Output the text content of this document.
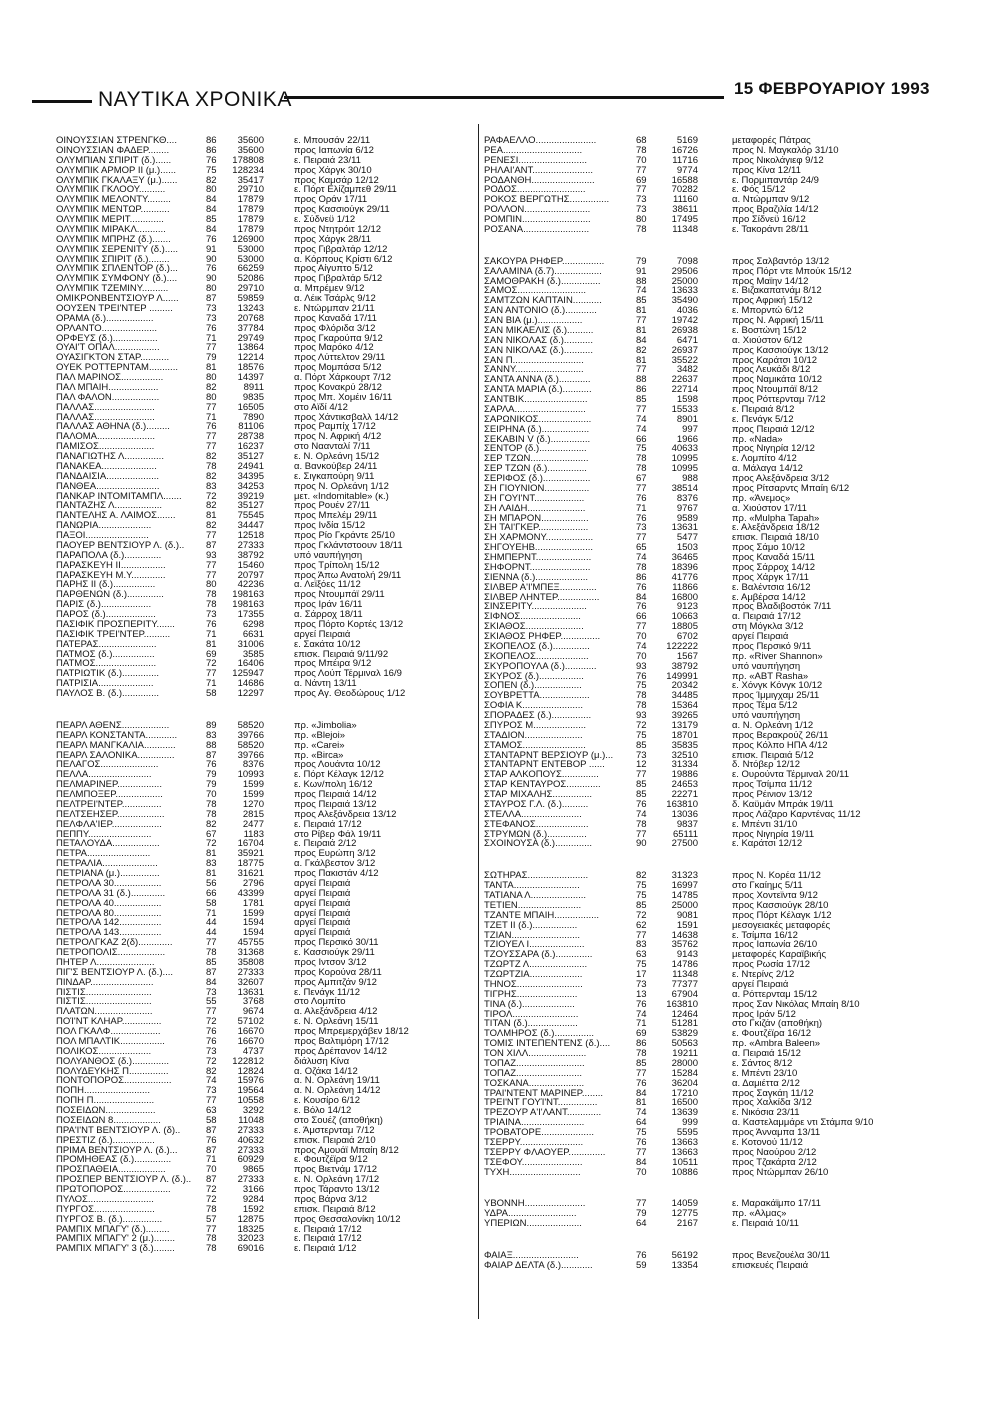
ΝΑΥΤΙΚΑ ΧΡΟΝΙΚΑ	15 ΦΕΒΡΟΥΑΡΙΟΥ 1993
ΟΙΝΟΥΣΣΙΑΝ ΣΤΡΕΝΓΚΘ....	86	35600	ε. Μπουσάν 22/11
ΟΙΝΟΥΣΣΙΑΝ ΦΑΔΕΡ........	86	35600	προς Ιαπωνία 6/12
ΟΛΥΜΠΙΑΝ ΣΠΙΡΙΤ (δ.)......	76	178808	ε. Πειραιά 23/11
ΟΛΥΜΠΙΚ ΑΡΜΟΡ ΙΙ (μ.)......	75	128234	προς Χάργκ 30/10
ΟΛΥΜΠΙΚ ΓΚΑΛΑΞΥ (μ.)......	82	35417	προς Καμσάρ 12/12
ΟΛΥΜΠΙΚ ΓΚΛΟΟΥ..........	80	29710	ε. Πόρτ Ελίζαμπεθ 29/11
ΟΛΥΜΠΙΚ ΜΕΛΟΝΤΥ.........	84	17879	προς Οράν 17/11
ΟΛΥΜΠΙΚ ΜΕΝΤΩΡ...........	84	17879	προς Κασσιούγκ 29/11
ΟΛΥΜΠΙΚ ΜΕΡΙΤ.............	85	17879	ε. Σύδνεϋ 1/12
ΟΛΥΜΠΙΚ ΜΙΡΑΚΛ...........	84	17879	προς Ντητρόιτ 12/12
ΟΛΥΜΠΙΚ ΜΠΡΗΖ (δ.).......	76	126900	προς Χάργκ 28/11
ΟΛΥΜΠΙΚ ΣΕΡΕΝΙΤΥ (δ.).....	91	53000	προς Γιβραλτάρ 12/12
ΟΛΥΜΠΙΚ ΣΠΙΡΙΤ (δ.)........	90	53000	α. Κόρπους Κρίστι 6/12
ΟΛΥΜΠΙΚ ΣΠΛΕΝΤΟΡ (δ.)...	76	66259	προς Αίγυπτο 5/12
ΟΛΥΜΠΙΚ ΣΥΜΦΟΝΥ (δ.)....	90	52086	προς Γιβραλτάρ 5/12
ΟΛΥΜΠΙΚ ΤΖΕΜΙΝΥ..........	80	29710	α. Μπρέμεν 9/12
ΟΜΙΚΡΟΝΒΕΝΤΣΙΟΥΡ Λ......	87	59859	α. Λέικ Τσάρλς 9/12
ΟΟΥΣΕΝ ΤΡΕΙ'ΝΤΕΡ .........	73	13243	ε. Ντώρμπαν 21/11
ΟΡΑΜΑ (δ.)..................	73	20768	προς Καναδά 17/11
ΟΡΛΑΝΤΟ.....................	76	37784	προς Φλόριδα 3/12
ΟΡΦΕΥΣ (δ.).................	71	29749	προς Γκαρούπα 9/12
ΟΥΑΪ'Τ ΟΠΑΛ.................	77	13864	προς Μαρόκο 4/12
ΟΥΑΣΙΓΚΤΟΝ ΣΤΑΡ...........	79	12214	προς Λύττελτον 29/11
ΟΥΕΚ ΡΟΤΤΕΡΝΤΑΜ...........	81	18576	προς Μομπάσα 5/12
ΠΑΛ ΜΑΡΙΝΟΣ................	80	14397	α. Πόρτ Χάρκουρτ 7/12
ΠΑΛ ΜΠΑΙΗ...................	82	8911	προς Κονακρύ 28/12
ΠΑΛ ΦΑΛΟΝ..................	80	9835	προς Μπ. Χομέιν 16/11
ΠΑΛΛΑΣ.......................	77	16505	στο Αϊδί 4/12
ΠΑΛΛΑΣ.......................	71	7890	προς Χάντικσβαλλ 14/12
ΠΑΛΛΑΣ ΑΘΗΝΑ (δ.).........	76	81106	προς Ραμπίχ 17/12
ΠΑΛΟΜΑ......................	77	28738	προς Ν. Αφρική 4/12
ΠΑΜΙΣΟΣ.....................	77	16237	στο Ναανταλί 7/11
ΠΑΝΑΓΙΩΤΗΣ Λ...............	82	35127	ε. Ν. Ορλεάνη 15/12
ΠΑΝΑΚΕΑ.....................	78	24941	α. Βανκούβερ 24/11
ΠΑΝΔΑΙΣΙΑ....................	82	34395	ε. Σιγκαπούρη 9/11
ΠΑΝΘΕΑ........................	83	34253	προς Ν. Ορλεάνη 1/12
ΠΑΝΚΑΡ ΙΝΤΟΜΙΤΑΜΠΛ.......	72	39219	μετ. «Indomitable» (κ.)
ΠΑΝΤΑΖΗΣ Λ..................	82	35127	προς Ρουέν 27/11
ΠΑΝΤΕΛΗΣ Α. ΛΑΙΜΟΣ.......	81	75545	προς Μπελέμ 29/11
ΠΑΝΩΡΙΑ....................	82	34447	προς Ινδία 15/12
ΠΑΞΟΙ........................	77	12518	προς Ρίο Γκράντε 25/10
ΠΑΟΥΕΡ ΒΕΝΤΣΙΟΥΡ Λ. (δ.)..	87	27333	προς Γκλάντστοουν 18/11
ΠΑΡΑΠΟΛΑ (δ.)..............	93	38792	υπό ναυπήγηση
ΠΑΡΑΣΚΕΥΗ ΙΙ.................	77	15460	προς Τρίπολη 15/12
ΠΑΡΑΣΚΕΥΗ Μ.Υ.............	77	20797	προς Άπω Ανατολή 29/11
ΠΑΡΗΣ ΙΙ (δ.)................	80	42236	α. Λεϊξόες 11/12
ΠΑΡΘΕΝΩΝ (δ.)..............	78	198163	προς Ντουμπάϊ 29/11
ΠΑΡΙΣ (δ.)...................	78	198163	προς Ιράν 16/11
ΠΑΡΟΣ (δ.)...................	73	17355	α. Σάρροχ 18/11
ΠΑΣΙΦΙΚ ΠΡΟΣΠΕΡΙΤΥ.......	76	6298	προς Πόρτο Κορτές 13/12
ΠΑΣΙΦΙΚ ΤΡΕΙ'ΝΤΕΡ..........	71	6631	αργεί Πειραιά
ΠΑΤΕΡΑΣ......................	81	31006	ε. Σακάτα 10/12
ΠΑΤΜΟΣ (δ.)................	69	3585	επισκ. Πειραιά 9/11/92
ΠΑΤΜΟΣ.......................	72	16406	προς Μπέιρα 9/12
ΠΑΤΡΙΩΤΙΚ (δ.)..............	77	125947	προς Λούπ Τέρμιναλ 16/9
ΠΑΤΡΙΣΙΑ.....................	71	14686	α. Νάντη 13/11
ΠΑΥΛΟΣ Β. (δ.)..............	58	12297	προς Αγ. Θεοδώρους 1/12
ΠΕΑΡΛ ΑΘΕΝΣ..................	89	58520	πρ. «Jimbolia»
ΠΕΑΡΛ ΚΟΝΣΤΑΝΤΑ............	83	39766	πρ. «Blejoi»
ΠΕΑΡΛ ΜΑΝΓΚΑΛΙΑ............	88	58520	πρ. «Carei»
ΠΕΑΡΛ ΣΑΛΟΝΙΚΑ..............	87	39766	πρ. «Birca»
ΠΕΛΑΓΟΣ......................	76	8376	προς Λουάντα 10/12
ΠΕΛΛΑ........................	79	10993	ε. Πόρτ Κέλαγκ 12/12
ΠΕΛΜΑΡΙΝΕΡ.................	79	1599	ε. Κων/πολη 16/12
ΠΕΛΜΠΟΞΕΡ..................	70	1599	προς Πειραιά 14/12
ΠΕΛΤΡΕΪ'ΝΤΕΡ...............	78	1270	προς Πειραιά 13/12
ΠΕΛΤΣΕΗΣΕΡ..................	78	2815	προς Αλεξάνδρεια 13/12
ΠΕΛΦΛΑ'ΪΕΡ...................	82	2477	ε. Πειραιά 17/12
ΠΕΠΠΥ........................	67	1183	στο Ρίβερ Φάλ 19/11
ΠΕΤΑΛΟΥΔΑ..................	72	16704	ε. Πειραιά 2/12
ΠΕΤΡΑ........................	81	35921	προς Ευρώπη 3/12
ΠΕΤΡΑΛΙΑ.....................	83	18775	α. Γκάλβεστον 3/12
ΠΕΤΡΙΑΝΑ (μ.)...............	81	31621	προς Πακιστάν 4/12
ΠΕΤΡΟΛΑ 30..................	56	2796	αργεί Πειραιά
ΠΕΤΡΟΛΑ 31 (δ.).............	66	43399	αργεί Πειραιά
ΠΕΤΡΟΛΑ 40..................	58	1781	αργεί Πειραιά
ΠΕΤΡΟΛΑ 80..................	71	1599	αργεί Πειραιά
ΠΕΤΡΟΛΑ 142................	44	1594	αργεί Πειραιά
ΠΕΤΡΟΛΑ 143................	44	1594	αργεί Πειραιά
ΠΕΤΡΟΛΓΚΑΖ 2(δ).............	77	45755	προς Περσικό 30/11
ΠΕΤΡΟΠΟΛΙΣ..................	78	31368	ε. Κασσιούγκ 29/11
ΠΗΤΕΡ Λ......................	85	35808	προς Ιντσον 3/12
ΠΙΓ'Σ ΒΕΝΤΣΙΟΥΡ Λ. (δ.)....	87	27333	προς Κορούνα 28/11
ΠΙΝΔΑΡ........................	84	32607	προς Αμπιτζάν 9/12
ΠΙΣΤΙΣ.........................	73	13631	ε. Πενάγκ 11/12
ΠΙΣΤΙΣ.........................	55	3768	στο Λομπίτο
ΠΛΑΤΩΝ......................	77	9674	α. Αλεξάνδρεια 4/12
ΠΟΊ'ΝΤ ΚΛΗΑΡ...............	72	57102	ε. Ν. Ορλεάνη 15/11
ΠΟΛ ΓΚΑΛΦ...................	76	16670	προς Μπρεμερχάβεν 18/12
ΠΟΛ ΜΠΑΛΤΙΚ.................	76	16670	προς Βαλτιμόρη 17/12
ΠΟΛΙΚΟΣ....................	73	4737	προς Δρέπανον 14/12
ΠΟΛΥΑΝΘΟΣ (δ.)..............	72	122812	διάλυση Κίνα
ΠΟΛΥΔΕΥΚΗΣ Π...............	82	12824	α. Οζάκα 14/12
ΠΟΝΤΟΠΟΡΟΣ..................	74	15976	α. Ν. Ορλεάνη 19/11
ΠΟΠΗ.........................	73	19564	α. Ν. Ορλεάνη 14/12
ΠΟΠΗ Π.......................	77	10558	ε. Κουσίρο 6/12
ΠΟΣΕΙΔΩΝ...................	63	3292	ε. Βόλο 14/12
ΠΟΣΕΙΔΩΝ 8..................	58	11048	στο Σουέζ (αποθήκη)
ΠΡΑ'Ι'ΝΤ ΒΕΝΤΣΙΟΥΡ Λ. (δ)..	87	27333	ε. Άμστερνταμ 7/12
ΠΡΕΣΤΙΖ (δ.)................	76	40632	επισκ. Πειραιά 2/10
ΠΡΙΜΑ ΒΕΝΤΣΙΟΥΡ Λ. (δ.)...	87	27333	προς Αμουάϊ Μπαίη 8/12
ΠΡΟΜΗΘΕΑΣ (δ.)..............	71	60929	ε. Φουτζέϊρα 9/12
ΠΡΟΣΠΑΘΕΙΑ..................	70	9865	προς Βιετνάμ 17/12
ΠΡΟΣΠΕΡ ΒΕΝΤΣΙΟΥΡ Λ. (δ.)..	87	27333	ε. Ν. Ορλεάνη 17/12
ΠΡΩΤΟΠΟΡΟΣ..................	72	3166	προς Τάραντο 13/12
ΠΥΛΟΣ.........................	72	9284	προς Βάρνα 3/12
ΠΥΡΓΟΣ.......................	78	1592	επισκ. Πειραιά 8/12
ΠΥΡΓΟΣ Β. (δ.)...............	57	12875	προς Θεσσαλονίκη 10/12
ΡΑΜΠΙΧ ΜΠΑΓΥ' (δ.).........	77	18325	ε. Πειραιά 17/12
ΡΑΜΠΙΧ ΜΠΑΓΥ' 2 (μ.)........	78	32023	ε. Πειραιά 17/12
ΡΑΜΠΙΧ ΜΠΑΓΥ' 3 (δ.)........	78	69016	ε. Πειραιά 1/12
ΡΑΦΑΕΛΛΟ.......................	68	5169	μεταφορές Πάτρας
ΡΕΑ..............................	78	16726	προς Ν. Μαγκαλόρ 31/10
ΡΕΝΕΣΙ..........................	70	11716	προς Νικολάγιεφ 9/12
ΡΗΛΑΙ'ΑΝΤ.......................	77	9774	προς Κίνα 12/11
ΡΟΔΑΝΘΗ........................	69	16588	ε. Πορμιπαντάρ 24/9
ΡΟΔΟΣ..........................	77	70282	ε. Φός 15/12
ΡΟΚΟΣ ΒΕΡΓΩΤΗΣ...............	73	11160	α. Ντώρμπαν 9/12
ΡΟΛΛΟΝ.........................	73	38611	προς Βραζιλία 14/12
ΡΟΜΠΙΝ..........................	80	17495	προ Σίδνεϋ 16/12
ΡΟΣΑΝΑ.........................	78	11348	ε. Τακοράντι 28/11
ΣΑΚΟΥΡΑ ΡΗΦΕΡ................	79	7098	προς Σαλβαντόρ 13/12
ΣΑΛΑΜΙΝΑ (δ.7)..................	91	29506	προς Πόρτ ντε Μπούκ 15/12
ΣΑΜΟΘΡΑΚΗ (δ.)...............	88	25000	προς Μαϊην 14/12
ΣΑΜΟΣ..........................	74	13633	ε. Βιζακαπατνάμ 8/12
ΣΑΜΤΖΩΝ ΚΑΠΤΑΙΝ...........	85	35490	προς Αφρική 15/12
ΣΑΝ ΑΝΤΟΝΙΟ (δ.)............	81	4036	ε. Μπορντώ 6/12
ΣΑΝ ΒΙΑ (μ.).................	77	19742	προς Ν. Αφρική 15/11
ΣΑΝ ΜΙΚΑΕΛΙΣ (δ.)..........	81	26938	ε. Βοστώνη 15/12
ΣΑΝ ΝΙΚΟΛΑΣ (δ.)...........	84	6471	α. Χιούστον 6/12
ΣΑΝ ΝΙΚΟΛΑΣ (δ.)...........	82	26937	προς Κασσιούγκ 13/12
ΣΑΝ Π...........................	81	35522	προς Καράτσι 10/12
ΣΑΝΝΥ..........................	77	3482	προς Λευκάδι 8/12
ΣΑΝΤΑ ΑΝΝΑ (δ.)............	88	22637	προς Ναμικάτα 10/12
ΣΑΝΤΑ ΜΑΡΙΑ (δ.)...........	86	22714	προς Ντουμπάϊ 8/12
ΣΑΝΤΒΙΚ........................	85	1598	προς Ρόττερνταμ 7/12
ΣΑΡΛΑ...........................	77	15533	ε. Πειραιά 8/12
ΣΑΡΩΝΙΚΟΣ....................	74	8901	ε. Πενάγκ 5/12
ΣΕΙΡΗΝΑ (δ.)..................	74	997	προς Πειραιά 12/12
ΣΕΚΑΒΙΝ V (δ.)...............	66	1966	πρ. «Nada»
ΣΕΝΤΟΡ (δ.)..................	75	40633	προς Νιγηρία 12/12
ΣΕΡ ΤΖΩΝ......................	78	10995	ε. Λομπίτο 4/12
ΣΕΡ ΤΖΩΝ (δ.)...............	78	10995	α. Μάλαγα 14/12
ΣΕΡΙΦΟΣ (δ.)..................	67	988	προς Αλεξάνδρεια 3/12
ΣΗ ΓΙΟΥΝΙΟΝ.................	77	38514	προς Ρίτσαρντς Μπαίη 6/12
ΣΗ ΓΟΥΙ'ΝΤ...................	76	8376	πρ. «Άνεμος»
ΣΗ ΛΑΙΔΗ......................	71	9767	α. Χιούστον 17/11
ΣΗ ΜΠΑΡΟΝ..................	76	9589	πρ. «Mulpha Tapah»
ΣΗ ΤΑΙ'ΓΚΕΡ...................	73	13631	ε. Αλεξάνδρεια 18/12
ΣΗ ΧΑΡΜΟΝΥ..................	77	5477	επισκ. Πειραιά 18/10
ΣΗΓΟΥΕΗΒ......................	65	1503	προς Σάμο 10/12
ΣΗΜΠΕΡΝΤ.....................	74	36465	προς Καναδά 15/11
ΣΗΦΟΡΝΤ.......................	78	18396	προς Σάρροχ 14/12
ΣΙΕΝΝΑ (δ.)....................	86	41776	προς Χάργκ 17/11
ΣΙΛΒΕΡ Α'Ι'ΜΠΕΞ..............	76	11866	ε. Βαλέντσια 16/12
ΣΙΛΒΕΡ ΛΗΝΤΕΡ................	84	16800	ε. Αμβέρσα 14/12
ΣΙΝΣΕΡΙΤΥ.....................	76	9123	προς Βλαδιβοστόκ 7/11
ΣΙΦΝΟΣ.......................	66	10663	α. Πειραιά 17/12
ΣΚΙΑΘΟΣ......................	77	18805	στη Μόγκλα 3/12
ΣΚΙΑΘΟΣ ΡΗΦΕΡ...............	70	6702	αργεί Πειραιά
ΣΚΟΠΕΛΟΣ (δ.)..............	74	122222	προς Περσικό 9/11
ΣΚΟΠΕΛΟΣ....................	70	1567	πρ. «River Shannon»
ΣΚΥΡΟΠΟΥΛΑ (δ.)............	93	38792	υπό ναυπήγηση
ΣΚΥΡΟΣ (δ.).................	76	149991	πρ. «ABT Rasha»
ΣΟΠΕΝ (δ.)..................	75	20342	ε. Χόνγκ Κόνγκ 10/12
ΣΟΥΒΡΕΤΤΑ...................	78	34485	προς Ίμμιγχαμ 25/11
ΣΟΦΙΑ Κ.......................	78	15364	προς Τέμα 5/12
ΣΠΟΡΑΔΕΣ (δ.)...............	93	39265	υπό ναυπήγηση
ΣΠΥΡΟΣ Μ....................	72	13179	α. Ν. Ορλεάνη 1/12
ΣΤΑΔΙΟΝ......................	75	18701	προς Βερακρούζ 26/11
ΣΤΑΜΟΣ........................	85	35835	προς Κόλπο ΗΠΑ 4/12
ΣΤΑΝΤΑΡΝΤ ΒΕΡΣΙΟΥΡ (μ.)...	73	32510	επισκ. Πειραιά 5/12
ΣΤΑΝΤΑΡΝΤ ΕΝΤΕΒΟΡ ......	12	31334	δ. Ντόβερ 12/12
ΣΤΑΡ ΑΛΚΟΠΟΥΣ..............	77	19886	ε. Ουρούντα Τέρμιναλ 20/11
ΣΤΑΡ ΚΕΝΤΑΥΡΟΣ.............	85	24653	προς Τσίμπα 11/12
ΣΤΑΡ ΜΙΧΑΛΗΣ...............	85	22271	προς Ρέινιον 13/12
ΣΤΑΥΡΟΣ Γ.Λ. (δ.)..........	76	163810	δ. Καϋμάν Μπράκ 19/11
ΣΤΕΛΛΑ.......................	74	13036	προς Λάζαρο Καρντένας 11/12
ΣΤΕΦΑΝΟΣ....................	78	9837	ε. Μπέντι 31/10
ΣΤΡΥΜΩΝ (δ.)...............	77	65111	προς Νιγηρία 19/11
ΣΧΟΙΝΟΥΣΑ (δ.)..............	90	27500	ε. Καράτσι 12/12
ΣΩΤΗΡΑΣ.......................	82	31323	προς Ν. Κορέα 11/12
ΤΑΝΤΑ.........................	75	16997	στο Γκαίημς 5/11
ΤΑΤΙΑΝΑ Λ.....................	75	14785	προς Χοντεϊντα 9/12
ΤΕΤΙΕΝ........................	85	25000	προς Κασσιούγκ 28/10
ΤΖΑΝΤΕ ΜΠΑΙΗ.................	72	9081	προς Πόρτ Κέλαγκ 1/12
ΤΖΕΤ ΙΙ (δ.).................	62	1591	μεσογειακές μεταφορές
ΤΖΙΑΝ..........................	77	14638	ε. Τσίμπα 16/12
ΤΖΙΟΥΕΛ Ι.....................	83	35762	προς Ιαπωνία 26/10
ΤΖΟΥΣΣΑΡΑ (δ.)..............	63	9143	μεταφορές Καραϊβικής
ΤΖΩΡΤΖ Λ......................	75	14786	προς Ρωσία 17/12
ΤΖΩΡΤΖΙΑ....................	17	11348	ε. Ντερίνς 2/12
ΤΗΝΟΣ.........................	73	77377	αργεί Πειραιά
ΤΙΓΡΗΣ.......................	13	67904	α. Ρόττερνταμ 15/12
ΤΙΝΑ (δ.)....................	76	163810	προς Σαν Νικόλας Μπαίη 8/10
ΤΙΡΟΛ.........................	74	12464	προς Ιράν 5/12
ΤΙΤΑΝ (δ.)...................	71	51281	στο Γκιζάν (αποθήκη)
ΤΟΛΜΗΡΟΣ (δ.)...............	69	53829	ε. Φουτζέϊρα 16/12
ΤΟΜΙΣ ΙΝΤΕΠΕΝΤΕΝΣ (δ.)....	86	50563	πρ. «Ambra Baleen»
ΤΟΝ ΧΙΛΛ......................	78	19211	α. Πειραιά 15/12
ΤΟΠΑΖ..........................	85	28000	ε. Σάντος 8/12
ΤΟΠΑΖ.........................	77	15284	ε. Μπέντι 23/10
ΤΟΣΚΑΝΑ.....................	76	36204	α. Δαμιέττα 2/12
ΤΡΑΪ'ΝΤΕΝΤ ΜΑΡΙΝΕΡ........	84	17210	προς Σαγκάη 11/12
ΤΡΕΪ'ΝΤ ΓΟΥΊ'ΝΤ...............	81	16500	προς Χαλκίδα 3/12
ΤΡΕΖΟΥΡ Α'Ι'ΛΑΝΤ.............	74	13639	ε. Νικόσια 23/11
ΤΡΙΑΙΝΑ........................	64	999	α. Καστελαμμάρε ντι Στάμπα 9/10
ΤΡΟΒΑΤΟΡΕ....................	75	5595	προς Άνναμπα 13/11
ΤΣΕΡΡΥ........................	76	13663	ε. Κοτονού 11/12
ΤΣΕΡΡΥ ΦΛΑΟΥΕΡ..............	77	13663	προς Ναούρου 2/12
ΤΣΕΦΟΥ.......................	84	10511	προς Τζακάρτα 2/12
ΤΥΧΗ...........................	70	10886	προς Ντώρμπαν 26/10
ΥΒΟΝΝΗ.......................	77	14059	ε. Μαρακάϊμπο 17/11
ΥΔΡΑ..........................	79	12775	πρ. «Αλμας»
ΥΠΕΡΙΩΝ.....................	64	2167	ε. Πειραιά 10/11
ΦΑΙΑΞ.........................	76	56192	προς Βενεζουέλα 30/11
ΦΑΙΑΡ ΔΕΛΤΑ (δ.)............	59	13354	επισκευές Πειραιά
